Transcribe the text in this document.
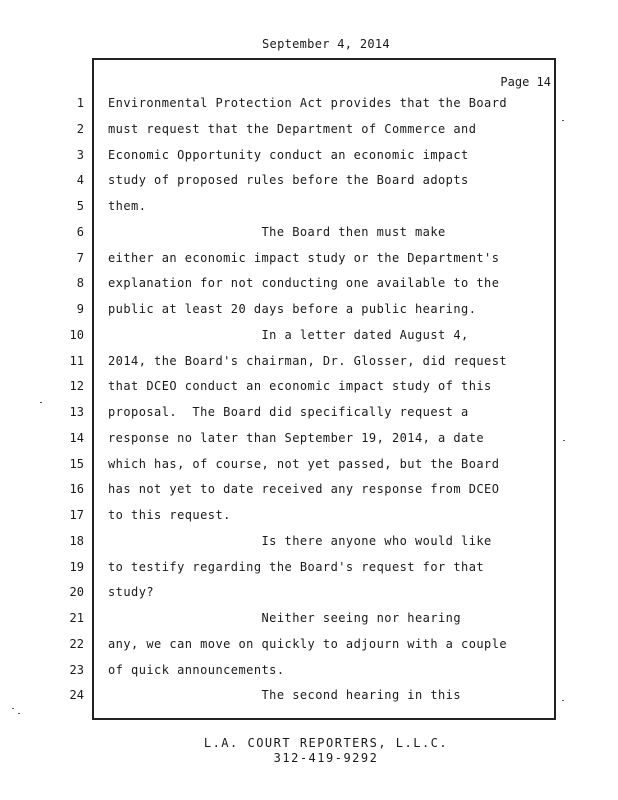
September 4, 2014
Page 14
1 Environmental Protection Act provides that the Board
2 must request that the Department of Commerce and
3 Economic Opportunity conduct an economic impact
4 study of proposed rules before the Board adopts
5 them.
6 The Board then must make
7 either an economic impact study or the Department's
8 explanation for not conducting one available to the
9 public at least 20 days before a public hearing.
10 In a letter dated August 4,
11 2014, the Board's chairman, Dr. Glosser, did request
12 that DCEO conduct an economic impact study of this
13 proposal.  The Board did specifically request a
14 response no later than September 19, 2014, a date
15 which has, of course, not yet passed, but the Board
16 has not yet to date received any response from DCEO
17 to this request.
18 Is there anyone who would like
19 to testify regarding the Board's request for that
20 study?
21 Neither seeing nor hearing
22 any, we can move on quickly to adjourn with a couple
23 of quick announcements.
24 The second hearing in this
L.A. COURT REPORTERS, L.L.C.
312-419-9292
